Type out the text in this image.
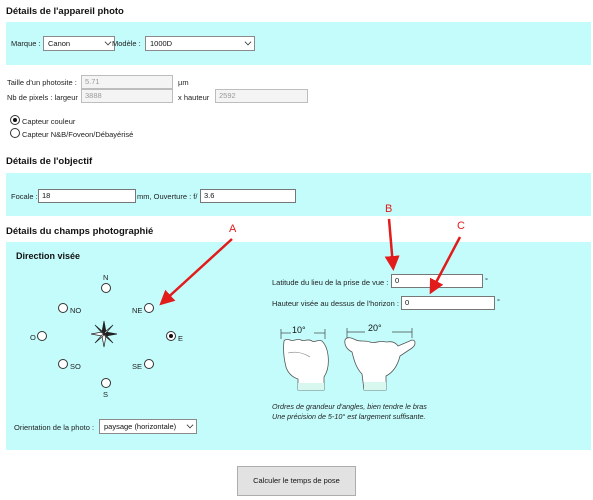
Détails de l'appareil photo
Marque : Canon	Modèle :	1000D
Taille d'un photosite :	5.71	µm
Nb de pixels : largeur 3888	x hauteur	2592
Capteur couleur
Capteur N&B/Foveon/Débayérisé
Détails de l'objectif
Focale : 18	mm, Ouverture : f/ 3.6
Détails du champs photographié
Direction visée
N
NO	NE
O	E
SO	SE
S
Latitude du lieu de la prise de vue : 0	°
Hauteur visée au dessus de l'horizon : 0	°
10°	20°
Ordres de grandeur d'angles, bien tendre le bras
Une précision de 5-10° est largement suffisante.
Orientation de la photo :	paysage (horizontale)
Calculer le temps de pose
A
B
C
